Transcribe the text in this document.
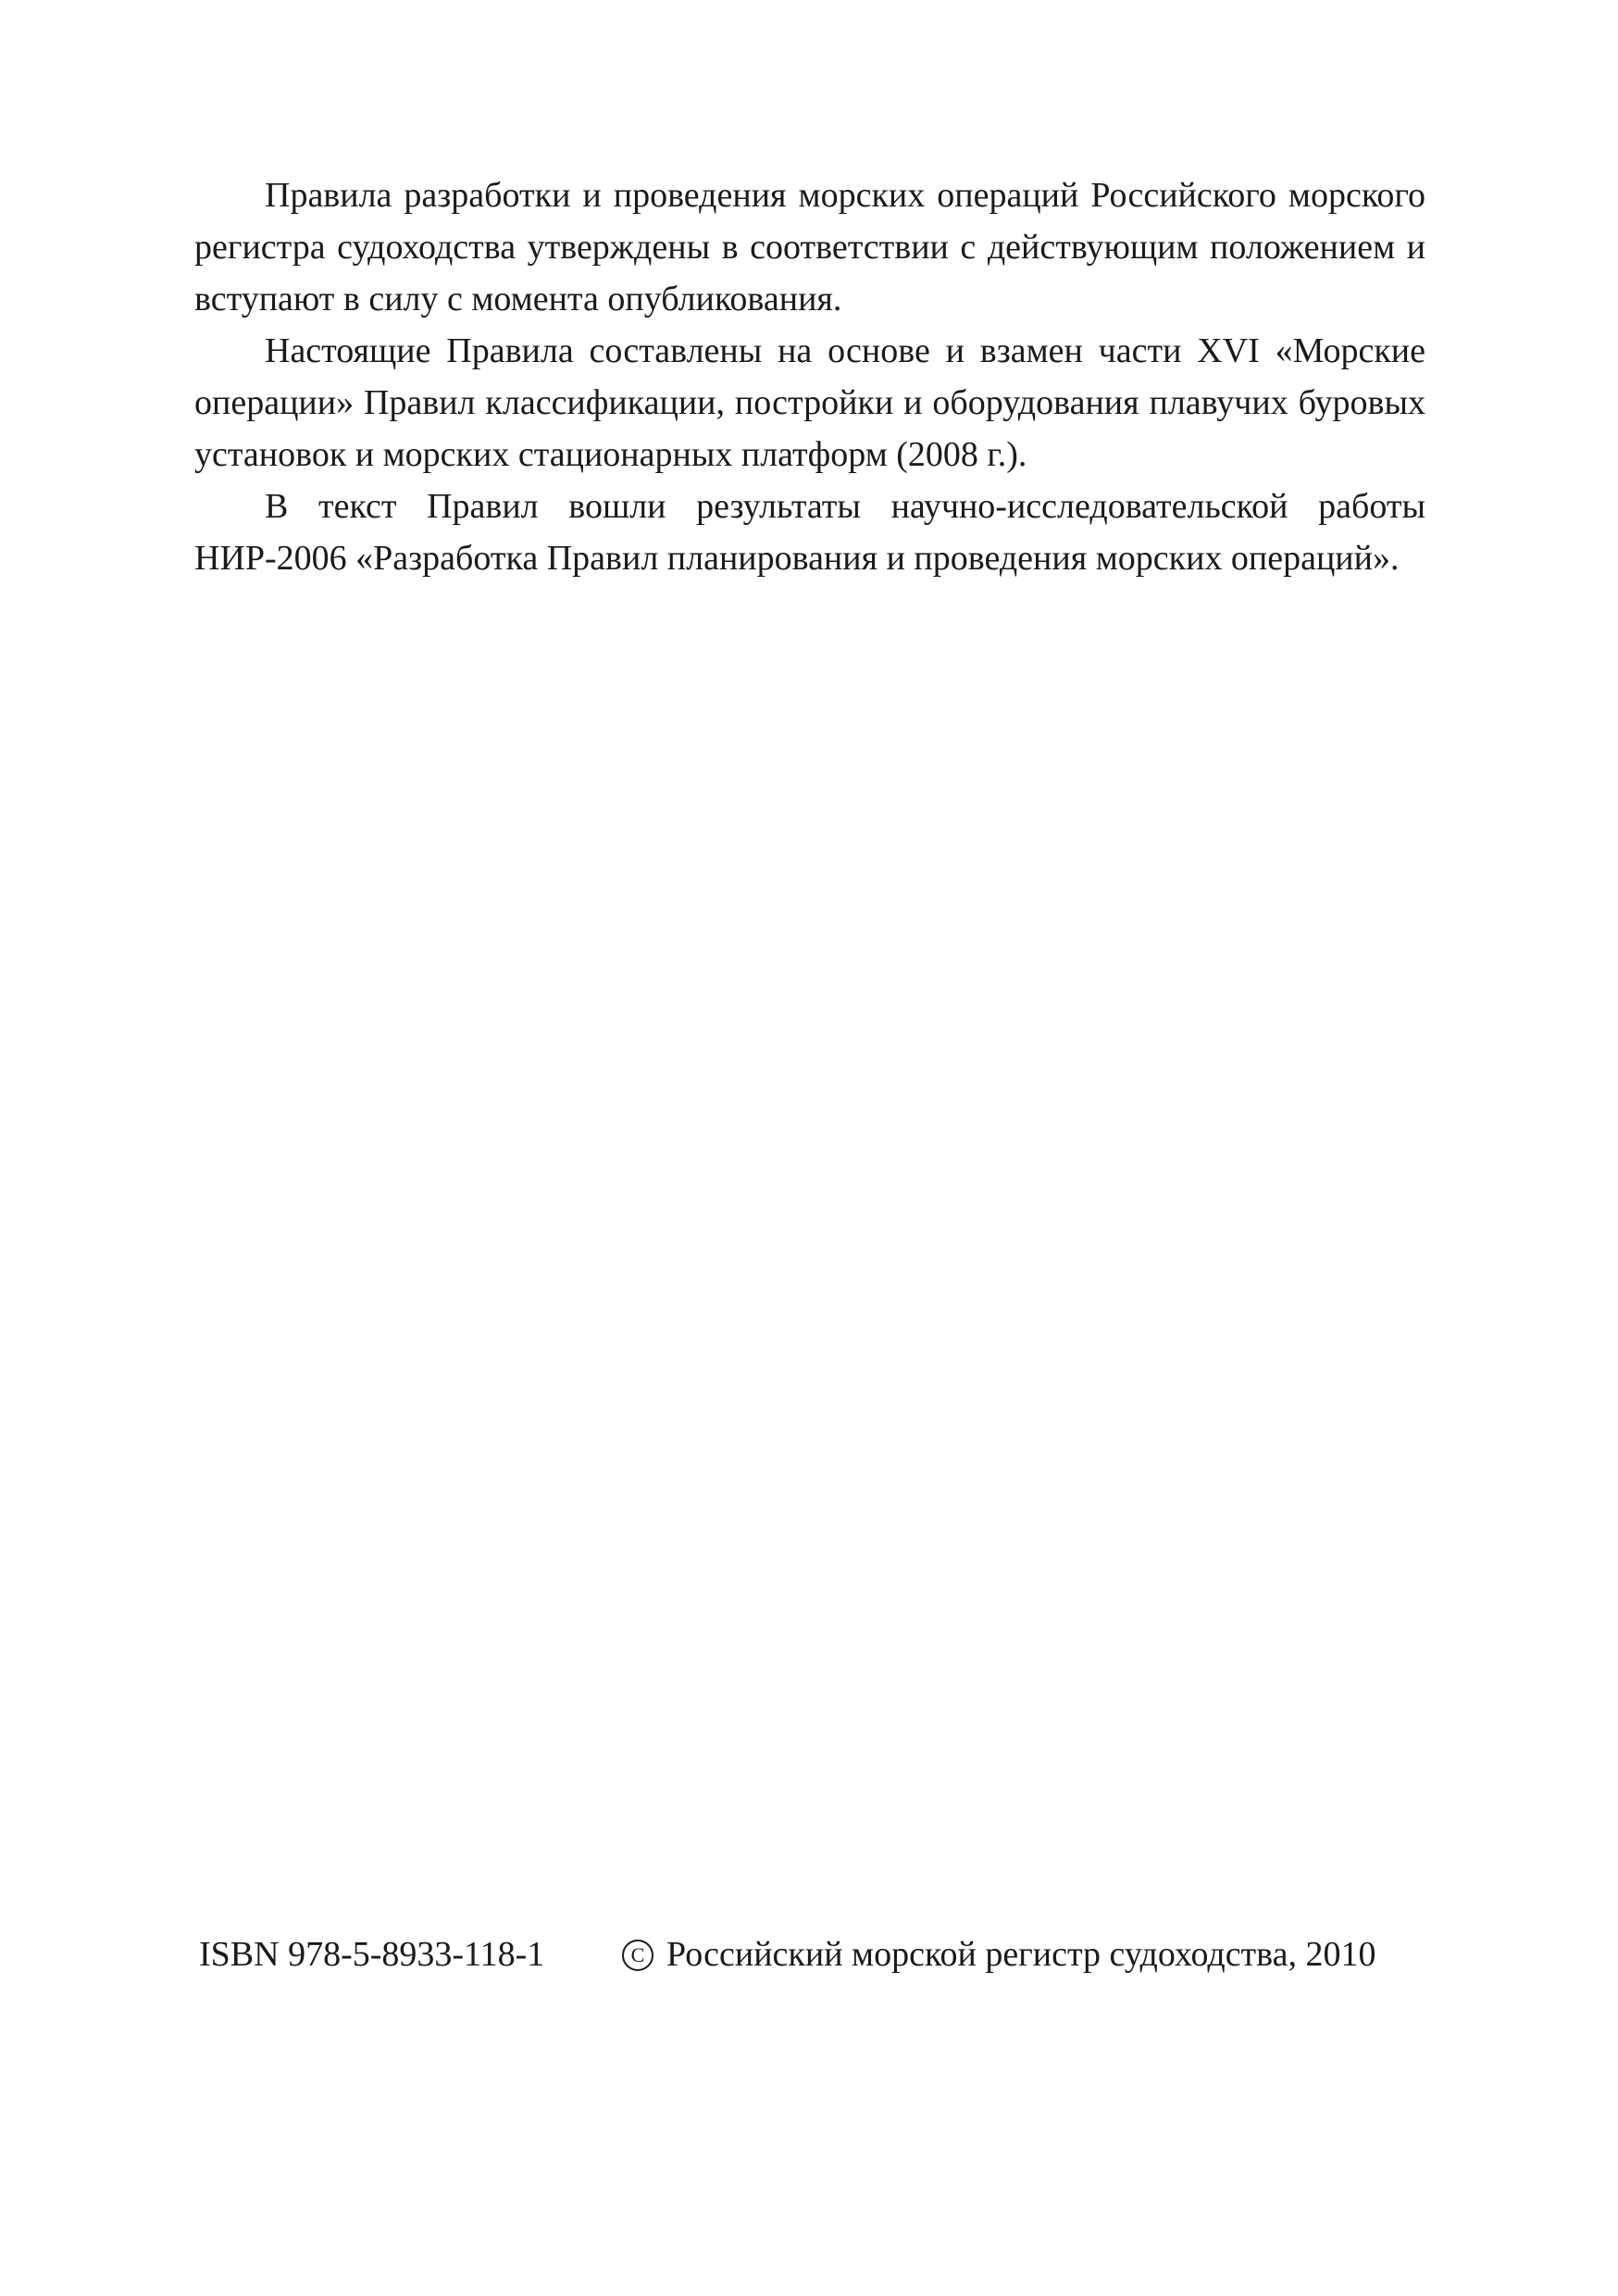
Правила разработки и проведения морских операций Российского морского регистра судоходства утверждены в соответствии с действующим положением и вступают в силу с момента опубликования.

Настоящие Правила составлены на основе и взамен части XVI «Морские операции» Правил классификации, постройки и оборудования плавучих буровых установок и морских стационарных платформ (2008 г.).

В текст Правил вошли результаты научно-исследовательской работы НИР-2006 «Разработка Правил планирования и проведения морских операций».

ISBN 978-5-8933-118-1
C	Российский морской регистр судоходства, 2010
